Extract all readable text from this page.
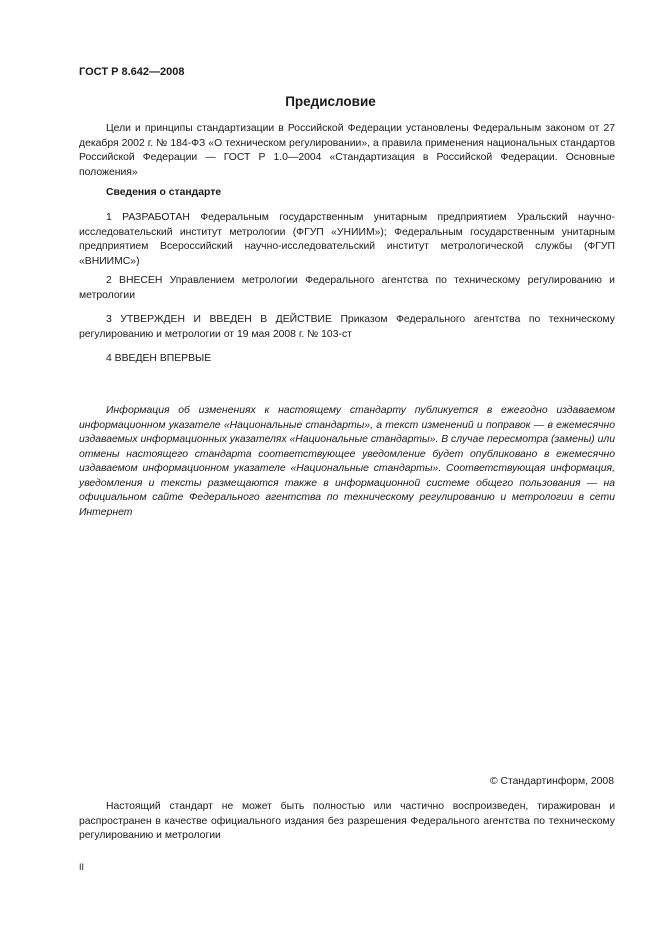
ГОСТ Р 8.642—2008
Предисловие

Цели и принципы стандартизации в Российской Федерации установлены Федеральным законом от 27 декабря 2002 г. № 184-ФЗ «О техническом регулировании», а правила применения национальных стандартов Российской Федерации — ГОСТ Р 1.0—2004 «Стандартизация в Российской Федерации. Основные положения»

Сведения о стандарте

1 РАЗРАБОТАН Федеральным государственным унитарным предприятием Уральский научно-исследовательский институт метрологии (ФГУП «УНИИМ»); Федеральным государственным унитарным предприятием Всероссийский научно-исследовательский институт метрологической службы (ФГУП «ВНИИМС»)

2 ВНЕСЕН Управлением метрологии Федерального агентства по техническому регулированию и метрологии

3 УТВЕРЖДЕН И ВВЕДЕН В ДЕЙСТВИЕ Приказом Федерального агентства по техническому регулированию и метрологии от 19 мая 2008 г. № 103-ст

4 ВВЕДЕН ВПЕРВЫЕ

Информация об изменениях к настоящему стандарту публикуется в ежегодно издаваемом информационном указателе «Национальные стандарты», а текст изменений и поправок — в ежемесячно издаваемых информационных указателях «Национальные стандарты». В случае пересмотра (замены) или отмены настоящего стандарта соответствующее уведомление будет опубликовано в ежемесячно издаваемом информационном указателе «Национальные стандарты». Соответствующая информация, уведомления и тексты размещаются также в информационной системе общего пользования — на официальном сайте Федерального агентства по техническому регулированию и метрологии в сети Интернет

© Стандартинформ, 2008

Настоящий стандарт не может быть полностью или частично воспроизведен, тиражирован и распространен в качестве официального издания без разрешения Федерального агентства по техническому регулированию и метрологии

II
